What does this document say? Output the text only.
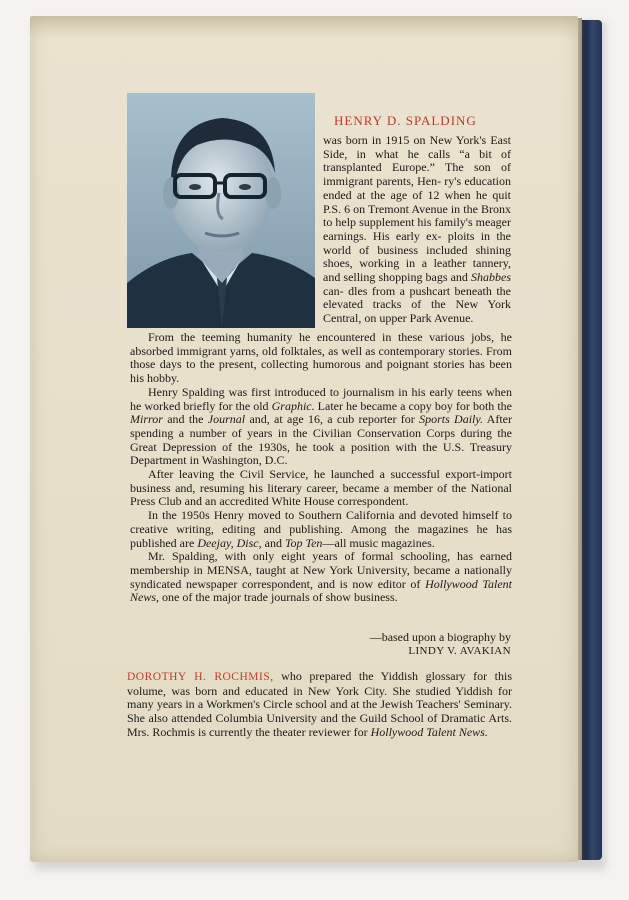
HENRY D. SPALDING

was born in 1915 on New York's East Side, in what he calls “a bit of transplanted Europe.” The son of immigrant parents, Hen- ry's education ended at the age of 12 when he quit P.S. 6 on Tremont Avenue in the Bronx to help supplement his family's meager earnings. His early ex- ploits in the world of business included shining shoes, working in a leather tannery, and selling shopping bags and Shabbes can- dles from a pushcart beneath the elevated tracks of the New York Central, on upper Park Avenue.

From the teeming humanity he encountered in these various jobs, he absorbed immigrant yarns, old folktales, as well as contemporary stories. From those days to the present, collecting humorous and poignant stories has been his hobby.

Henry Spalding was first introduced to journalism in his early teens when he worked briefly for the old Graphic. Later he became a copy boy for both the Mirror and the Journal and, at age 16, a cub reporter for Sports Daily. After spending a number of years in the Civilian Conservation Corps during the Great Depression of the 1930s, he took a position with the U.S. Treasury Department in Washington, D.C.

After leaving the Civil Service, he launched a successful export-import business and, resuming his literary career, became a member of the National Press Club and an accredited White House correspondent.

In the 1950s Henry moved to Southern California and devoted himself to creative writing, editing and publishing. Among the magazines he has published are Deejay, Disc, and Top Ten—all music magazines.

Mr. Spalding, with only eight years of formal schooling, has earned membership in MENSA, taught at New York University, became a nationally syndicated newspaper correspondent, and is now editor of Hollywood Talent News, one of the major trade journals of show business.

—based upon a biography by
LINDY V. AVAKIAN
DOROTHY H. ROCHMIS, who prepared the Yiddish glossary for this volume, was born and educated in New York City. She studied Yiddish for many years in a Workmen's Circle school and at the Jewish Teachers' Seminary. She also attended Columbia University and the Guild School of Dramatic Arts. Mrs. Rochmis is currently the theater reviewer for Hollywood Talent News.
